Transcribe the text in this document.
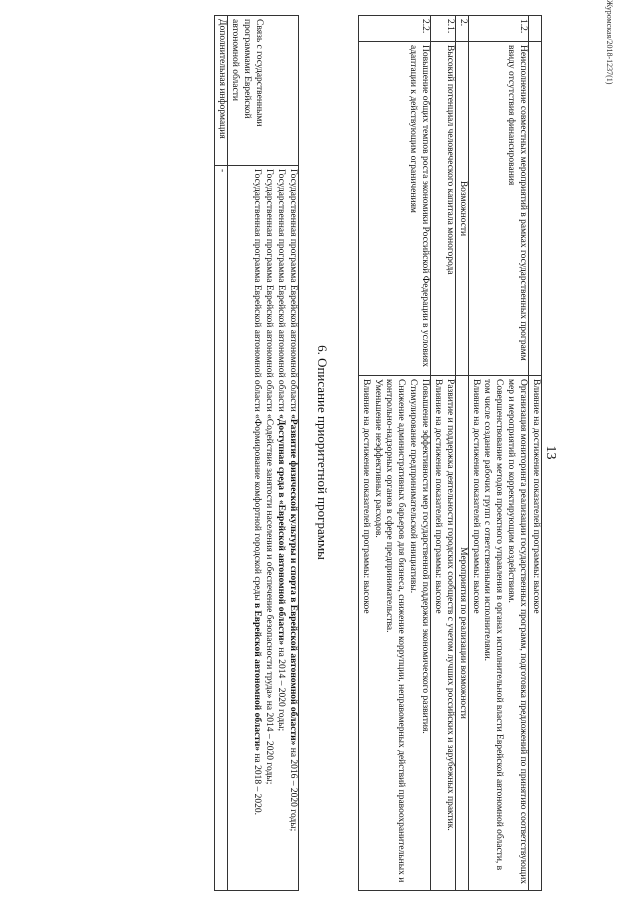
13
Журомская/2018-1237(1)

		Влияние на достижение показателей программы: высокое

1.2.	Неисполнение совместных мероприятий в рамках государственных программ ввиду отсутствия финансирования	Организация мониторинга реализации государственных программ, подготовка предложений по принятию соответствующих мер и мероприятий по корректирующим воздействиям.

Совершенствование методов проектного управления в органах исполнительной власти Еврейской автономной области, в том числе создание рабочих групп с ответственными исполнителями.

Влияние на достижение показателей программы: высокое

2.	Возможности	Мероприятия по реализации возможности

2.1.	Высокий потенциал человеческого капитала моногорода	Развитие и поддержка деятельности городских сообществ с учетом лучших российских и зарубежных практик.

Влияние на достижение показателей программы: высокое

2.2.	Повышение общих темпов роста экономики Российской Федерации в условиях адаптации к действующим ограничениям	Повышение эффективности мер государственной поддержки экономического развития.

Стимулирование предпринимательской инициативы.

Снижение административных барьеров для бизнеса, снижение коррупции, неправомерных действий правоохранительных и контрольно-надзорных органов в сфере предпринимательства.

Уменьшение неэффективных расходов.

Влияние на достижение показателей программы: высокое

6. Описание приоритетной программы
Связь с государственными программами Еврейской автономной области	Государственная программа Еврейской автономной области «Развитие физической культуры и спорта в Еврейской автономной области» на 2016 – 2020 годы;

Государственная программа Еврейской автономной области «Доступная среда в «Еврейской автономной области» на 2014 – 2020 годы;

Государственная программа Еврейской автономной области «Содействие занятости населения и обеспечение безопасности труда» на 2014 – 2020 годы;

Государственная программа Еврейской автономной области «Формирование комфортной городской среды в Еврейской автономной области» на 2018 – 2020.

Дополнительная информация	-
